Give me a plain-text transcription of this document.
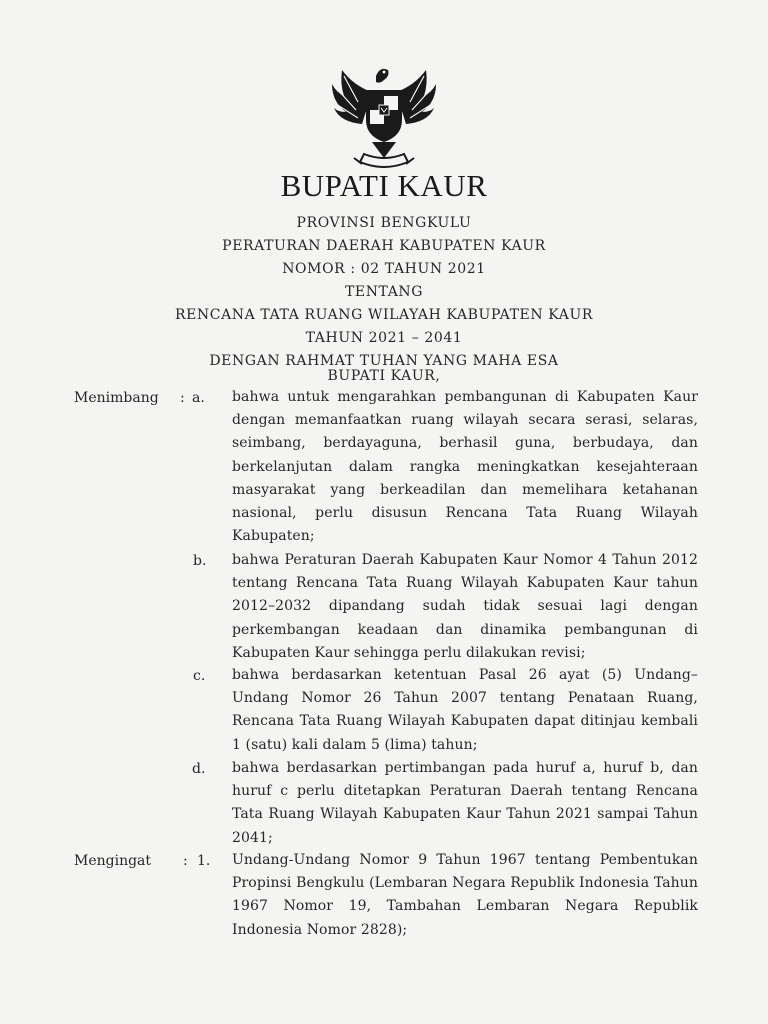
BUPATI KAUR
PROVINSI BENGKULU
PERATURAN DAERAH KABUPATEN KAUR
NOMOR : 02 TAHUN 2021
TENTANG
RENCANA TATA RUANG WILAYAH KABUPATEN KAUR
TAHUN 2021 – 2041
DENGAN RAHMAT TUHAN YANG MAHA ESA
BUPATI KAUR,
Menimbang : a. bahwa untuk mengarahkan pembangunan di Kabupaten Kaur dengan memanfaatkan ruang wilayah secara serasi, selaras, seimbang, berdayaguna, berhasil guna, berbudaya, dan berkelanjutan dalam rangka meningkatkan kesejahteraan masyarakat yang berkeadilan dan memelihara ketahanan nasional, perlu disusun Rencana Tata Ruang Wilayah Kabupaten;
b. bahwa Peraturan Daerah Kabupaten Kaur Nomor 4 Tahun 2012 tentang Rencana Tata Ruang Wilayah Kabupaten Kaur tahun 2012–2032 dipandang sudah tidak sesuai lagi dengan perkembangan keadaan dan dinamika pembangunan di Kabupaten Kaur sehingga perlu dilakukan revisi;
c. bahwa berdasarkan ketentuan Pasal 26 ayat (5) Undang–Undang Nomor 26 Tahun 2007 tentang Penataan Ruang, Rencana Tata Ruang Wilayah Kabupaten dapat ditinjau kembali 1 (satu) kali dalam 5 (lima) tahun;
d. bahwa berdasarkan pertimbangan pada huruf a, huruf b, dan huruf c perlu ditetapkan Peraturan Daerah tentang Rencana Tata Ruang Wilayah Kabupaten Kaur Tahun 2021 sampai Tahun 2041;
Mengingat : 1. Undang-Undang Nomor 9 Tahun 1967 tentang Pembentukan Propinsi Bengkulu (Lembaran Negara Republik Indonesia Tahun 1967 Nomor 19, Tambahan Lembaran Negara Republik Indonesia Nomor 2828);
